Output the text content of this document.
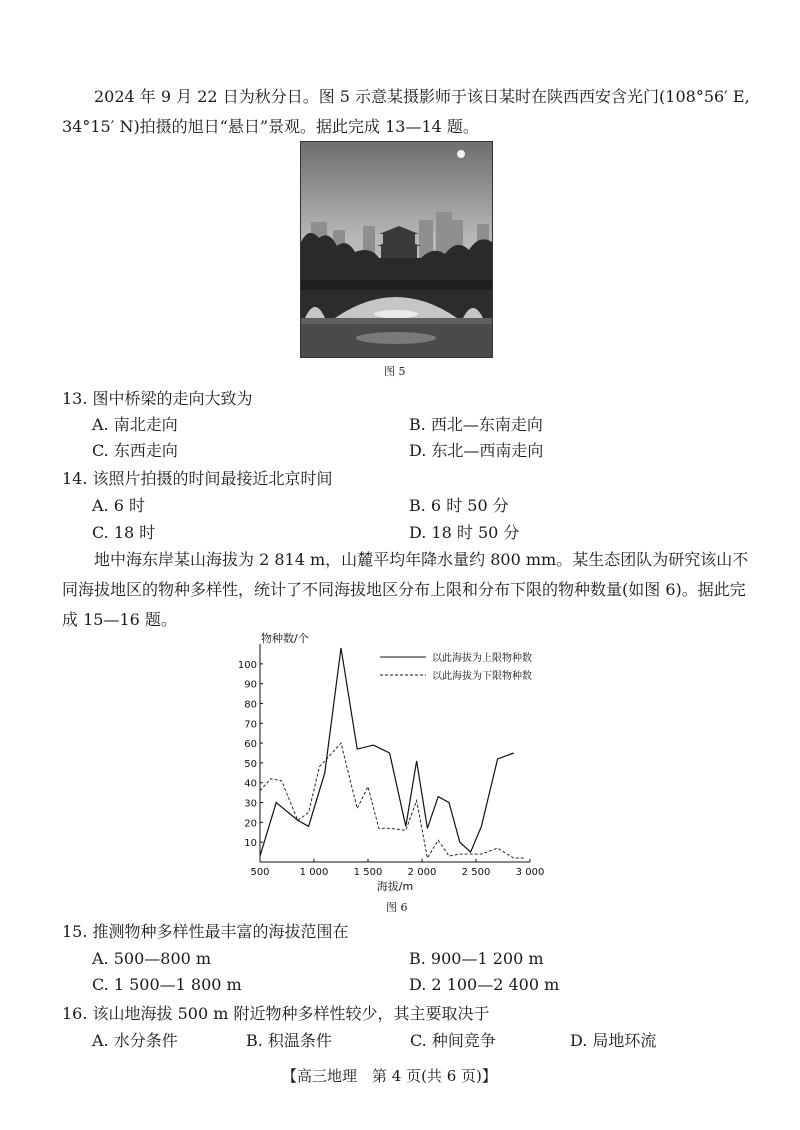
2024 年 9 月 22 日为秋分日。图 5 示意某摄影师于该日某时在陕西西安含光门(108°56′ E, 34°15′ N)拍摄的旭日“悬日”景观。据此完成 13—14 题。
图 5
13. 图中桥梁的走向大致为
A. 南北走向	B. 西北—东南走向
C. 东西走向	D. 东北—西南走向
14. 该照片拍摄的时间最接近北京时间
A. 6 时	B. 6 时 50 分
C. 18 时	D. 18 时 50 分
地中海东岸某山海拔为 2 814 m，山麓平均年降水量约 800 mm。某生态团队为研究该山不同海拔地区的物种多样性，统计了不同海拔地区分布上限和分布下限的物种数量(如图 6)。据此完成 15—16 题。
10
20
30
40
50
60
70
80
90
100
500	1 000	1 500	2 000	2 500	3 000
物种数/个
海拔/m
以此海拔为上限物种数
以此海拔为下限物种数
图 6
15. 推测物种多样性最丰富的海拔范围在
A. 500—800 m	B. 900—1 200 m
C. 1 500—1 800 m	D. 2 100—2 400 m
16. 该山地海拔 500 m 附近物种多样性较少，其主要取决于
A. 水分条件	B. 积温条件	C. 种间竞争	D. 局地环流
【高三地理　第 4 页(共 6 页)】
